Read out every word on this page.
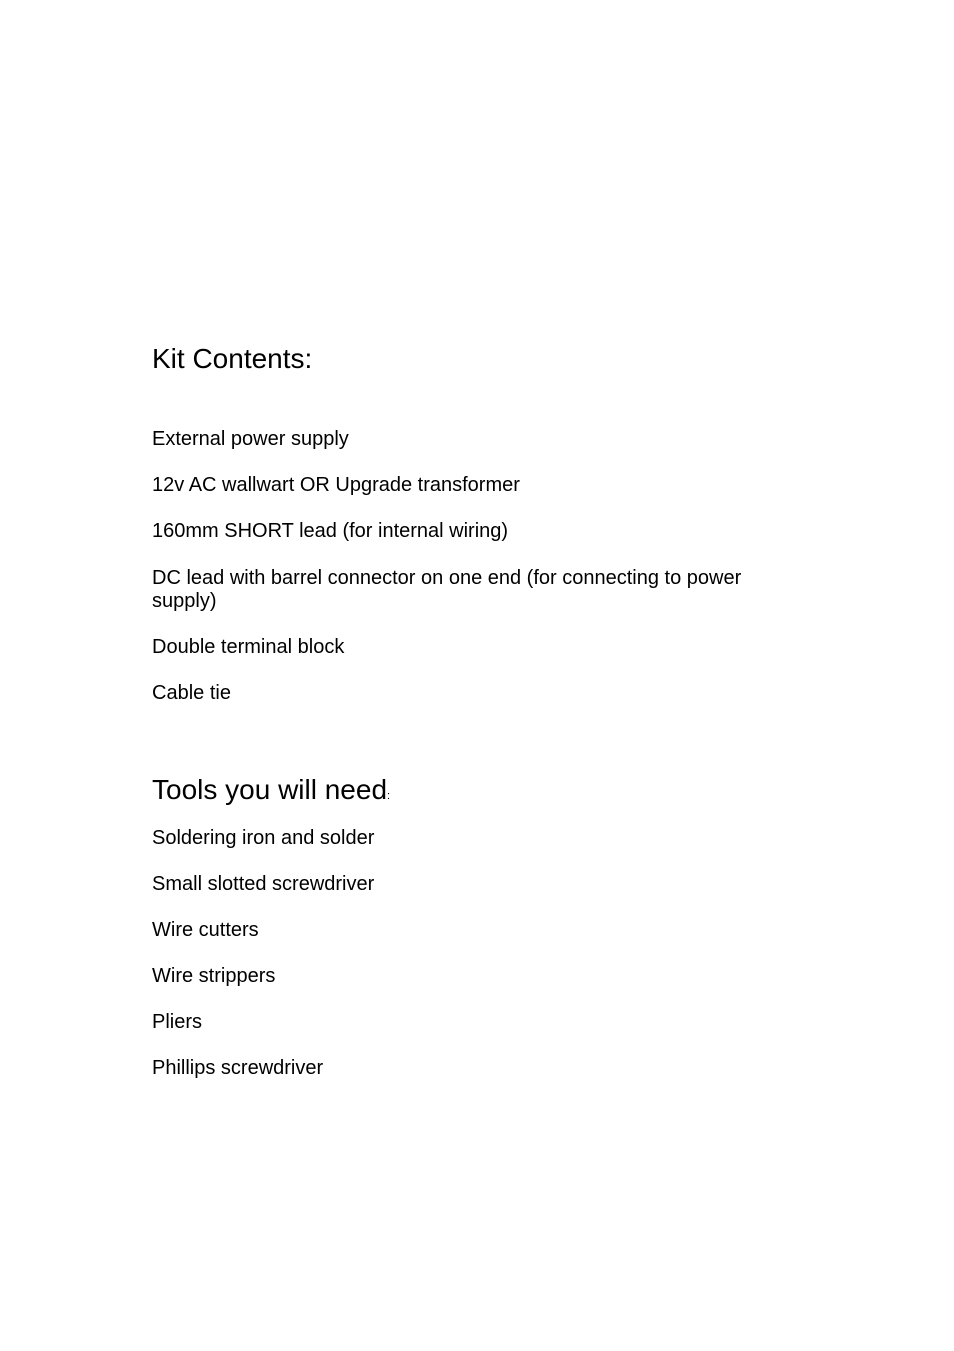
Kit Contents:

External power supply

12v AC wallwart OR Upgrade transformer

160mm SHORT lead (for internal wiring)

DC lead with barrel connector on one end (for connecting to power supply)

Double terminal block

Cable tie

Tools you will need:

Soldering iron and solder

Small slotted screwdriver

Wire cutters

Wire strippers

Pliers

Phillips screwdriver
